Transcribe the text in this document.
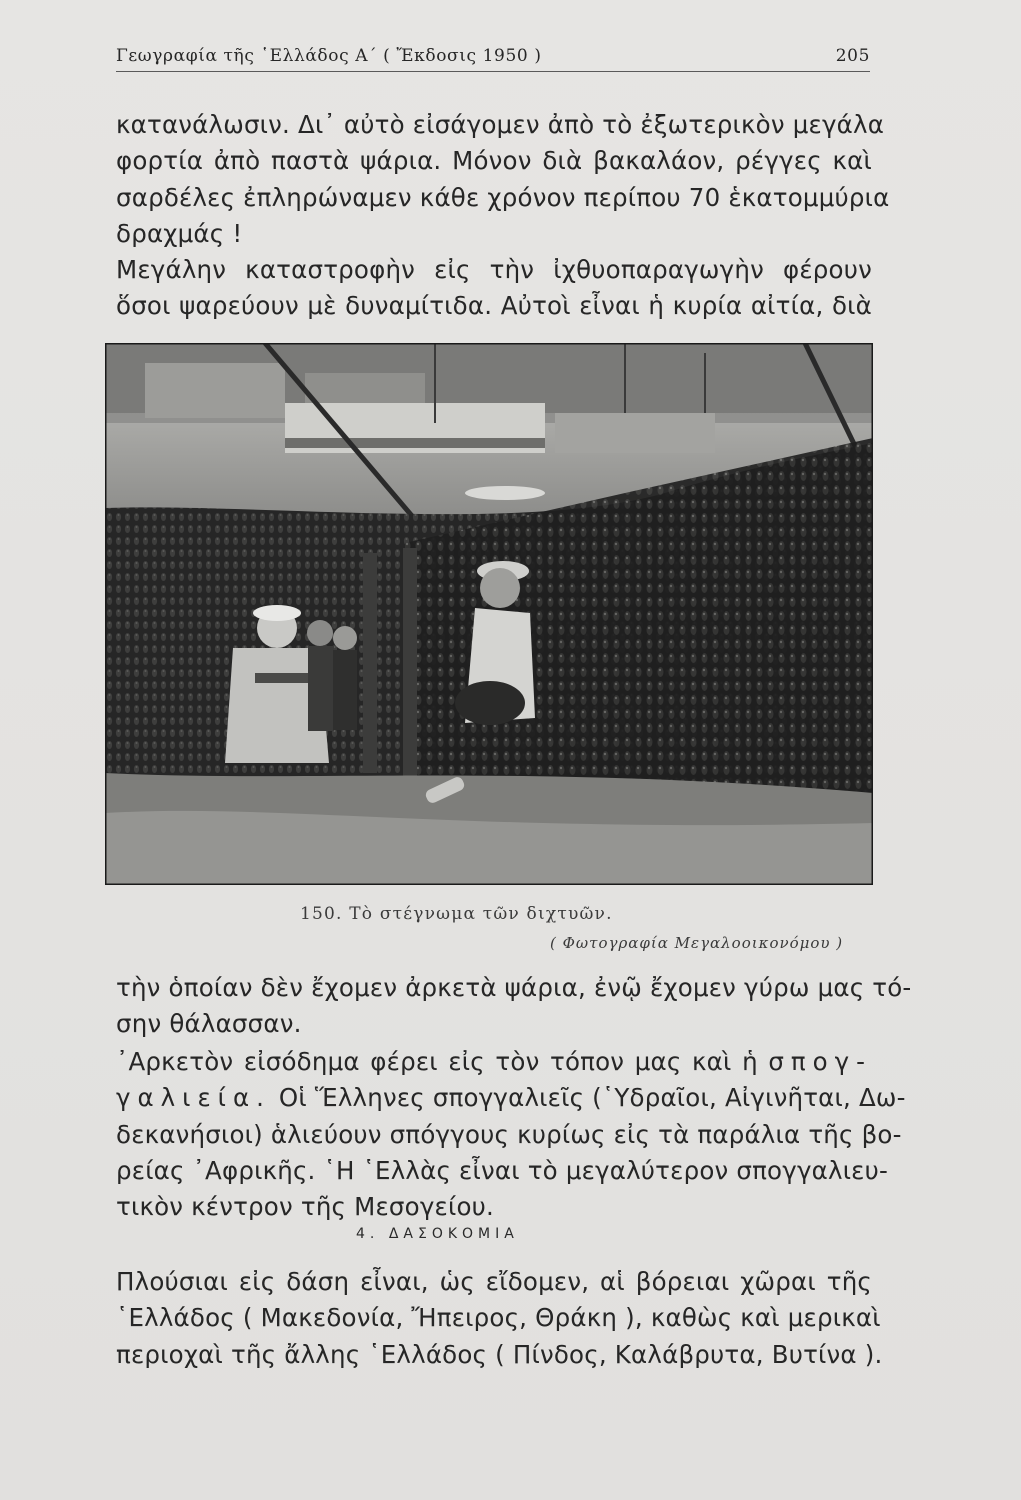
Γεωγραφία τῆς ῾Ελλάδος Α´ ( Ἔκδοσις 1950 )	205
κατανάλωσιν. Δι᾿ αὐτὸ εἰσάγομεν ἀπὸ τὸ ἐξωτερικὸν μεγάλα
φορτία ἀπὸ παστὰ ψάρια. Μόνον διὰ βακαλάον, ρέγγες καὶ
σαρδέλες ἐπληρώναμεν κάθε χρόνον περίπου 70 ἑκατομμύρια
δραχμάς !
Μεγάλην καταστροφὴν εἰς τὴν ἰχθυοπαραγωγὴν φέρουν
ὅσοι ψαρεύουν μὲ δυναμίτιδα. Αὐτοὶ εἶναι ἡ κυρία αἰτία, διὰ
150. Τὸ στέγνωμα τῶν διχτυῶν.
( Φωτογραφία Μεγαλοοικονόμου )
τὴν ὁποίαν δὲν ἔχομεν ἀρκετὰ ψάρια, ἐνῷ ἔχομεν γύρω μας τό-
σην θάλασσαν.
᾿Αρκετὸν εἰσόδημα φέρει εἰς τὸν τόπον μας καὶ ἡ σπογ-
γαλιεία. Οἱ Ἕλληνες σπογγαλιεῖς (῾Υδραῖοι, Αἰγινῆται, Δω-
δεκανήσιοι) ἁλιεύουν σπόγγους κυρίως εἰς τὰ παράλια τῆς βο-
ρείας ᾿Αφρικῆς. ῾Η ῾Ελλὰς εἶναι τὸ μεγαλύτερον σπογγαλιευ-
τικὸν κέντρον τῆς Μεσογείου.
4. ΔΑΣΟΚΟΜΙΑ
Πλούσιαι εἰς δάση εἶναι, ὡς εἴδομεν, αἱ βόρειαι χῶραι τῆς
῾Ελλάδος ( Μακεδονία, Ἤπειρος, Θράκη ), καθὼς καὶ μερικαὶ
περιοχαὶ τῆς ἄλλης ῾Ελλάδος ( Πίνδος, Καλάβρυτα, Βυτίνα ).
